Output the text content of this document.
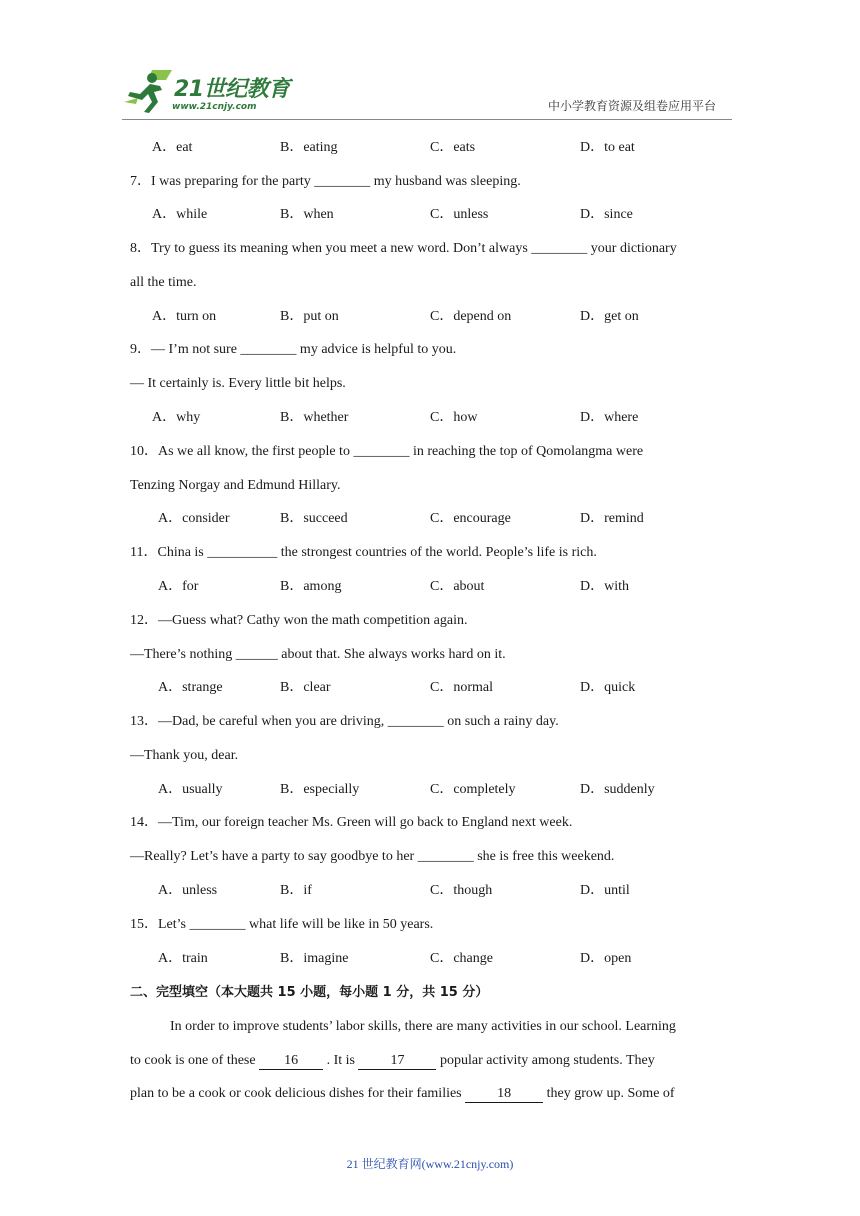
21世纪教育
www.21cnjy.com	中小学教育资源及组卷应用平台
A．eat	B．eating	C．eats	D．to eat
7．I was preparing for the party ________ my husband was sleeping.
A．while	B．when	C．unless	D．since
8．Try to guess its meaning when you meet a new word. Don’t always ________ your dictionary
all the time.
A．turn on	B．put on	C．depend on	D．get on
9．— I’m not sure ________ my advice is helpful to you.
— It certainly is. Every little bit helps.
A．why	B．whether	C．how	D．where
10．As we all know, the first people to ________ in reaching the top of Qomolangma were
Tenzing Norgay and Edmund Hillary.
A．consider	B．succeed	C．encourage	D．remind
11．China is __________ the strongest countries of the world. People’s life is rich.
A．for	B．among	C．about	D．with
12．—Guess what? Cathy won the math competition again.
—There’s nothing ______ about that. She always works hard on it.
A．strange	B．clear	C．normal	D．quick
13．—Dad, be careful when you are driving, ________ on such a rainy day.
—Thank you, dear.
A．usually	B．especially	C．completely	D．suddenly
14．—Tim, our foreign teacher Ms. Green will go back to England next week.
—Really? Let’s have a party to say goodbye to her ________ she is free this weekend.
A．unless	B．if	C．though	D．until
15．Let’s ________ what life will be like in 50 years.
A．train	B．imagine	C．change	D．open
二、完型填空（本大题共 15 小题，每小题 1 分，共 15 分）
In order to improve students’ labor skills, there are many activities in our school. Learning
to cook is one of these 16 . It is 17	popular activity among students. They
plan to be a cook or cook delicious dishes for their families 18	they grow up. Some of
21 世纪教育网(www.21cnjy.com)
